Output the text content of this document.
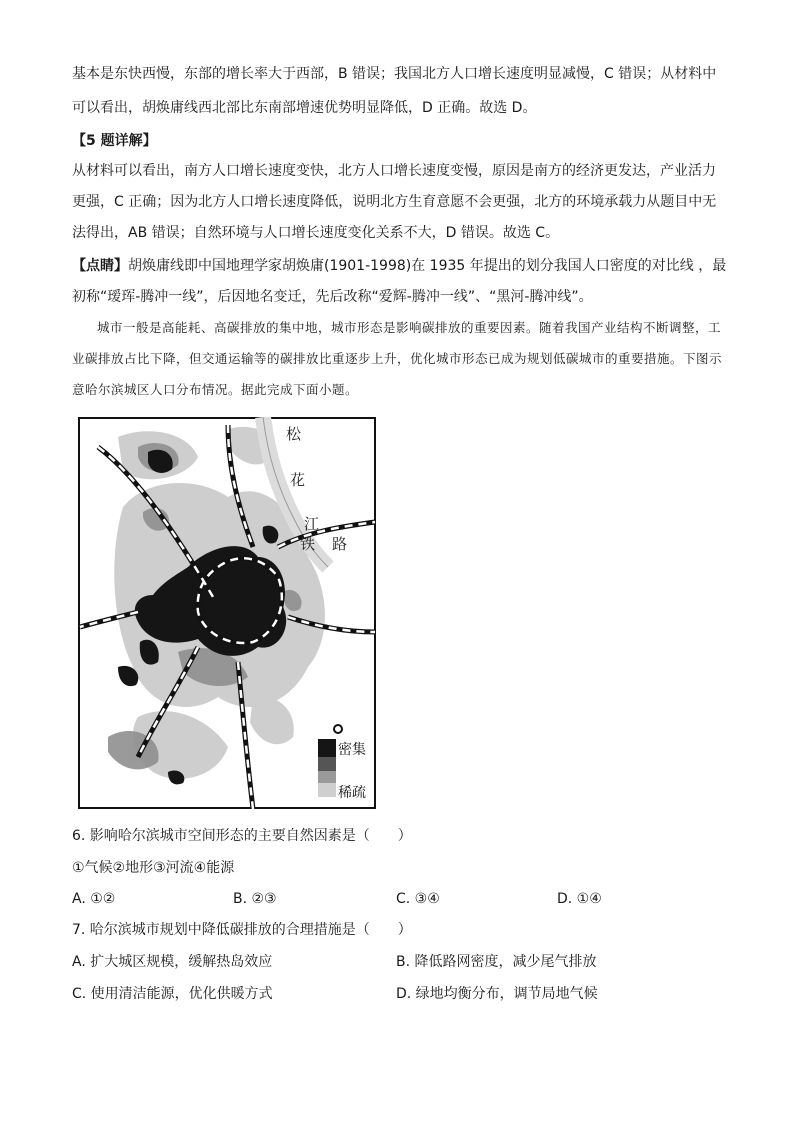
基本是东快西慢，东部的增长率大于西部，B 错误；我国北方人口增长速度明显减慢，C 错误；从材料中
可以看出，胡焕庸线西北部比东南部增速优势明显降低，D 正确。故选 D。
【5 题详解】
从材料可以看出，南方人口增长速度变快，北方人口增长速度变慢，原因是南方的经济更发达，产业活力
更强，C 正确；因为北方人口增长速度降低，说明北方生育意愿不会更强，北方的环境承载力从题目中无
法得出，AB 错误；自然环境与人口增长速度变化关系不大，D 错误。故选 C。
【点睛】胡焕庸线即中国地理学家胡焕庸(1901-1998)在 1935 年提出的划分我国人口密度的对比线 ，最
初称“瑷珲-腾冲一线”，后因地名变迁，先后改称“爱辉-腾冲一线”、“黑河-腾冲线”。

城市一般是高能耗、高碳排放的集中地，城市形态是影响碳排放的重要因素。随着我国产业结构不断调整，工业碳排放占比下降，但交通运输等的碳排放比重逐步上升，优化城市形态已成为规划低碳城市的重要措施。下图示意哈尔滨城区人口分布情况。据此完成下面小题。

松
花
江
铁 路
密集
稀疏
6. 影响哈尔滨城市空间形态的主要自然因素是（　　）
①气候②地形③河流④能源
A. ①②	B. ②③	C. ③④	D. ①④
7. 哈尔滨城市规划中降低碳排放的合理措施是（　　）
A. 扩大城区规模，缓解热岛效应	B. 降低路网密度，减少尾气排放
C. 使用清洁能源，优化供暖方式	D. 绿地均衡分布，调节局地气候
